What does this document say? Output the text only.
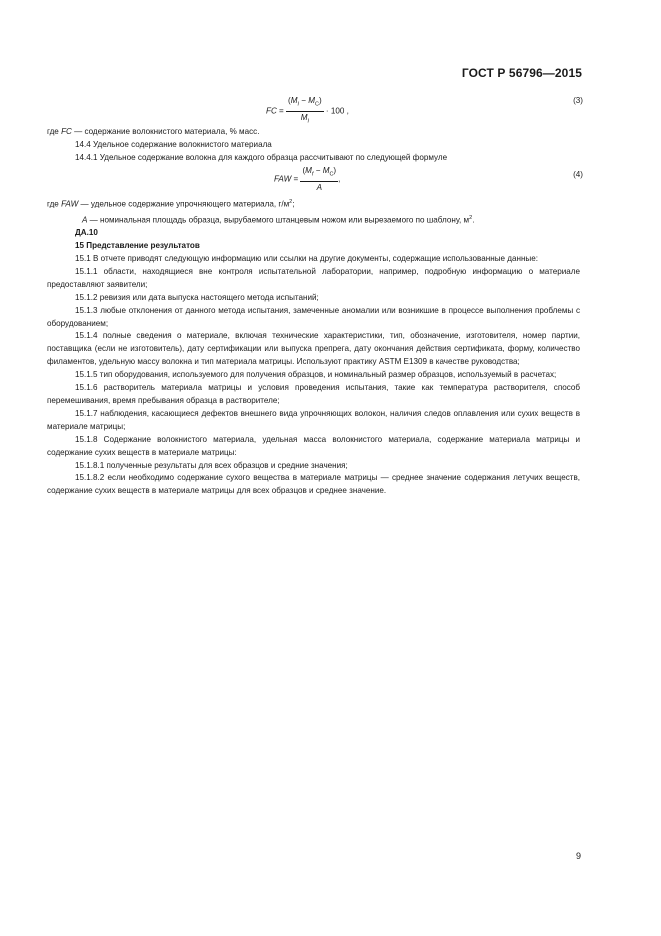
ГОСТ Р 56796—2015
FC = $\frac{(M_I - M_C)}{M_I} \cdot 100$ ,
(3)

где FC — содержание волокнистого материала, % масс.

14.4 Удельное содержание волокнистого материала

14.4.1 Удельное содержание волокна для каждого образца рассчитывают по следующей формуле

FAW = $\frac{(M_f - M_C)}{A}$ ,	(4)

где FAW — удельное содержание упрочняющего материала, $г/м^2$;

A — номинальная площадь образца, вырубаемого штанцевым ножом или вырезаемого по шаблону, $м^2$.

ДА.10

15 Представление результатов

15.1 В отчете приводят следующую информацию или ссылки на другие документы, содержащие использованные данные:

15.1.1 области, находящиеся вне контроля испытательной лаборатории, например, подробную информацию о материале предоставляют заявители;

15.1.2 ревизия или дата выпуска настоящего метода испытаний;

15.1.3 любые отклонения от данного метода испытания, замеченные аномалии или возникшие в процессе выполнения проблемы с оборудованием;

15.1.4 полные сведения о материале, включая технические характеристики, тип, обозначение, изготовителя, номер партии, поставщика (если не изготовитель), дату сертификации или выпуска препрега, дату окончания действия сертификата, форму, количество филаментов, удельную массу волокна и тип материала матрицы. Используют практику ASTM E1309 в качестве руководства;

15.1.5 тип оборудования, используемого для получения образцов, и номинальный размер образцов, используемый в расчетах;

15.1.6 растворитель материала матрицы и условия проведения испытания, такие как температура растворителя, способ перемешивания, время пребывания образца в растворителе;

15.1.7 наблюдения, касающиеся дефектов внешнего вида упрочняющих волокон, наличия следов оплавления или сухих веществ в материале матрицы;

15.1.8 Содержание волокнистого материала, удельная масса волокнистого материала, содержание материала матрицы и содержание сухих веществ в материале матрицы:

15.1.8.1 полученные результаты для всех образцов и средние значения;

15.1.8.2 если необходимо содержание сухого вещества в материале матрицы — среднее значение содержания летучих веществ, содержание сухих веществ в материале матрицы для всех образцов и среднее значение.

9
